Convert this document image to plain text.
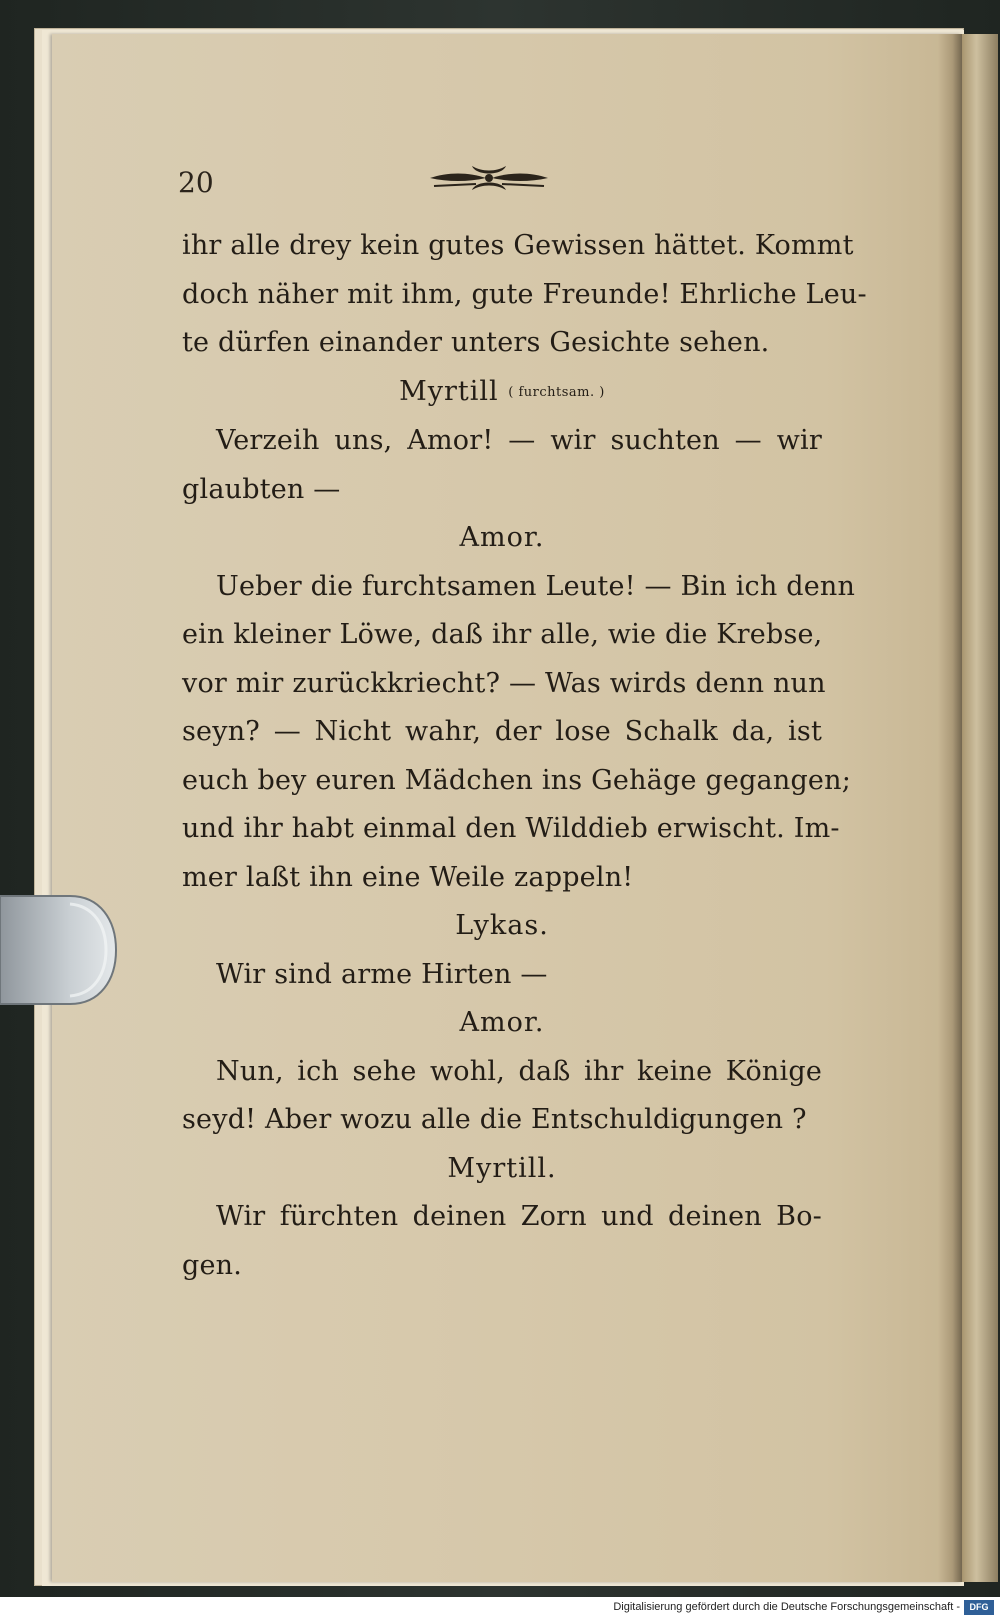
20
ihr alle drey kein gutes Gewissen hättet. Kommt
doch näher mit ihm, gute Freunde! Ehrliche Leu-
te dürfen einander unters Gesichte sehen.
Myrtill ( furchtsam. )
Verzeih uns, Amor! — wir suchten — wir
glaubten —
Amor.
Ueber die furchtsamen Leute! — Bin ich denn
ein kleiner Löwe, daß ihr alle, wie die Krebse,
vor mir zurückkriecht? — Was wirds denn nun
seyn? — Nicht wahr, der lose Schalk da, ist
euch bey euren Mädchen ins Gehäge gegangen;
und ihr habt einmal den Wilddieb erwischt. Im-
mer laßt ihn eine Weile zappeln!
Lykas.
Wir sind arme Hirten —
Amor.
Nun, ich sehe wohl, daß ihr keine Könige
seyd! Aber wozu alle die Entschuldigungen ?
Myrtill.
Wir fürchten deinen Zorn und deinen Bo-
gen.
Digitalisierung gefördert durch die Deutsche Forschungsgemeinschaft -	DFG
